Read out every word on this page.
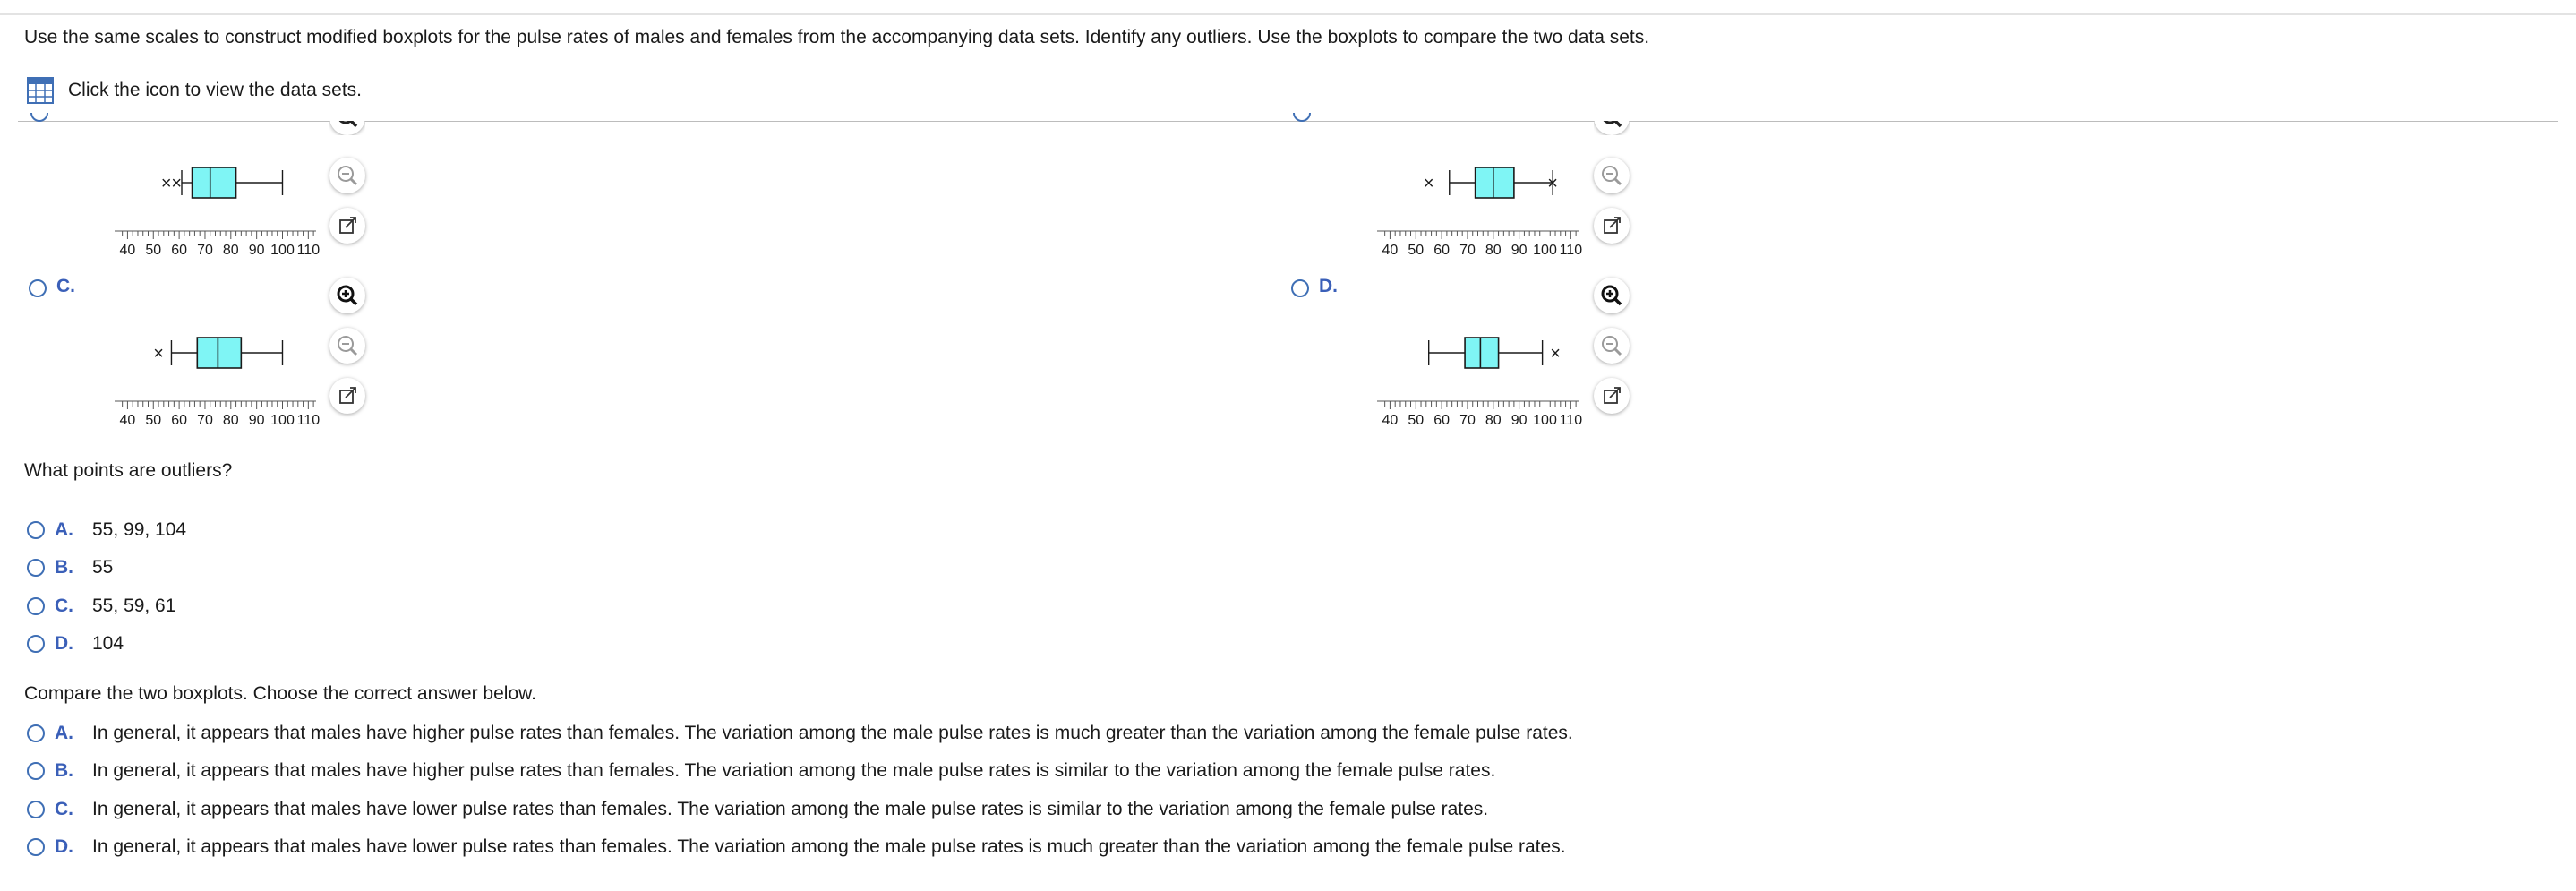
Use the same scales to construct modified boxplots for the pulse rates of males and females from the accompanying data sets. Identify any outliers. Use the boxplots to compare the two data sets.
Click the icon to view the data sets.
× ×
40 50 60 70 80 90 100 110
×	×
40 50 60 70 80 90 100 110
C.
×
40 50 60 70 80 90 100 110
D.
×
40 50 60 70 80 90 100 110
What points are outliers?
A.	55, 99, 104
B.	55
C.	55, 59, 61
D.	104
Compare the two boxplots. Choose the correct answer below.
A.	In general, it appears that males have higher pulse rates than females. The variation among the male pulse rates is much greater than the variation among the female pulse rates.
B.	In general, it appears that males have higher pulse rates than females. The variation among the male pulse rates is similar to the variation among the female pulse rates.
C.	In general, it appears that males have lower pulse rates than females. The variation among the male pulse rates is similar to the variation among the female pulse rates.
D.	In general, it appears that males have lower pulse rates than females. The variation among the male pulse rates is much greater than the variation among the female pulse rates.
